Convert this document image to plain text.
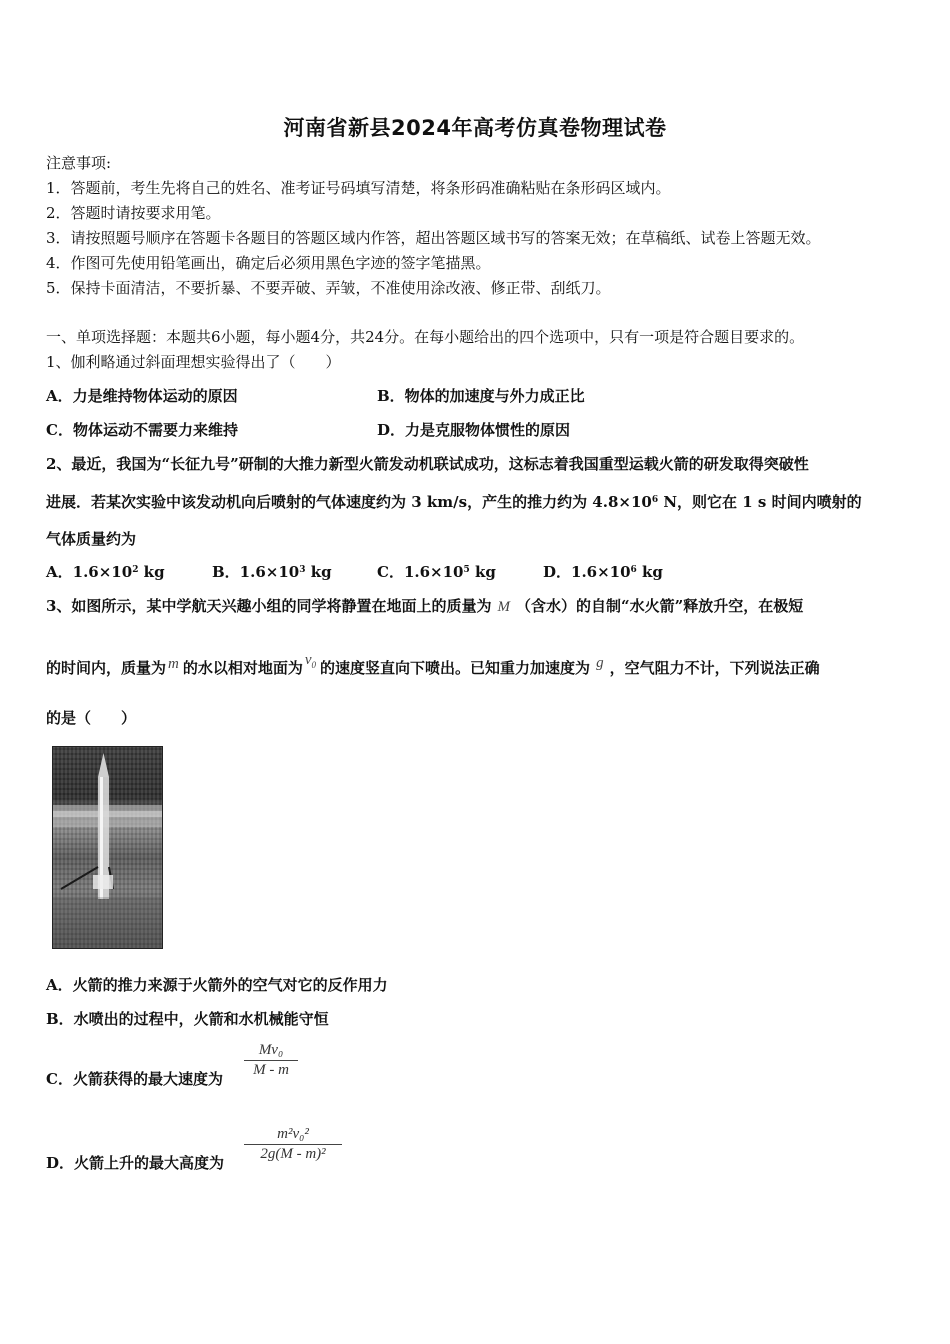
河南省新县2024年高考仿真卷物理试卷
注意事项:
1．答题前，考生先将自己的姓名、准考证号码填写清楚，将条形码准确粘贴在条形码区域内。
2．答题时请按要求用笔。
3．请按照题号顺序在答题卡各题目的答题区域内作答，超出答题区域书写的答案无效；在草稿纸、试卷上答题无效。
4．作图可先使用铅笔画出，确定后必须用黑色字迹的签字笔描黑。
5．保持卡面清洁，不要折暴、不要弄破、弄皱，不准使用涂改液、修正带、刮纸刀。
一、单项选择题：本题共6小题，每小题4分，共24分。在每小题给出的四个选项中，只有一项是符合题目要求的。
1、伽利略通过斜面理想实验得出了（　　）
A．力是维持物体运动的原因	B．物体的加速度与外力成正比
C．物体运动不需要力来维持	D．力是克服物体惯性的原因
2、最近，我国为“长征九号”研制的大推力新型火箭发动机联试成功，这标志着我国重型运载火箭的研发取得突破性
进展．若某次实验中该发动机向后喷射的气体速度约为 3 km/s，产生的推力约为 $4.8\times 10^6$ N，则它在 1 s 时间内喷射的
气体质量约为
A．$1.6\times 10^2$ kg	B．$1.6\times 10^3$ kg	C．$1.6\times 10^5$ kg	D．$1.6\times 10^6$ kg
3、如图所示，某中学航天兴趣小组的同学将静置在地面上的质量为 M （含水）的自制“水火箭”释放升空，在极短
的时间内，质量为 m 的水以相对地面为 $v_0$ 的速度竖直向下喷出。已知重力加速度为 g ，空气阻力不计，下列说法正确
的是（　　）
A．火箭的推力来源于火箭外的空气对它的反作用力
B．水喷出的过程中，火箭和水机械能守恒
C．火箭获得的最大速度为
Mv₀
M - m
D．火箭上升的最大高度为
m²v₀²
2g(M - m)²
